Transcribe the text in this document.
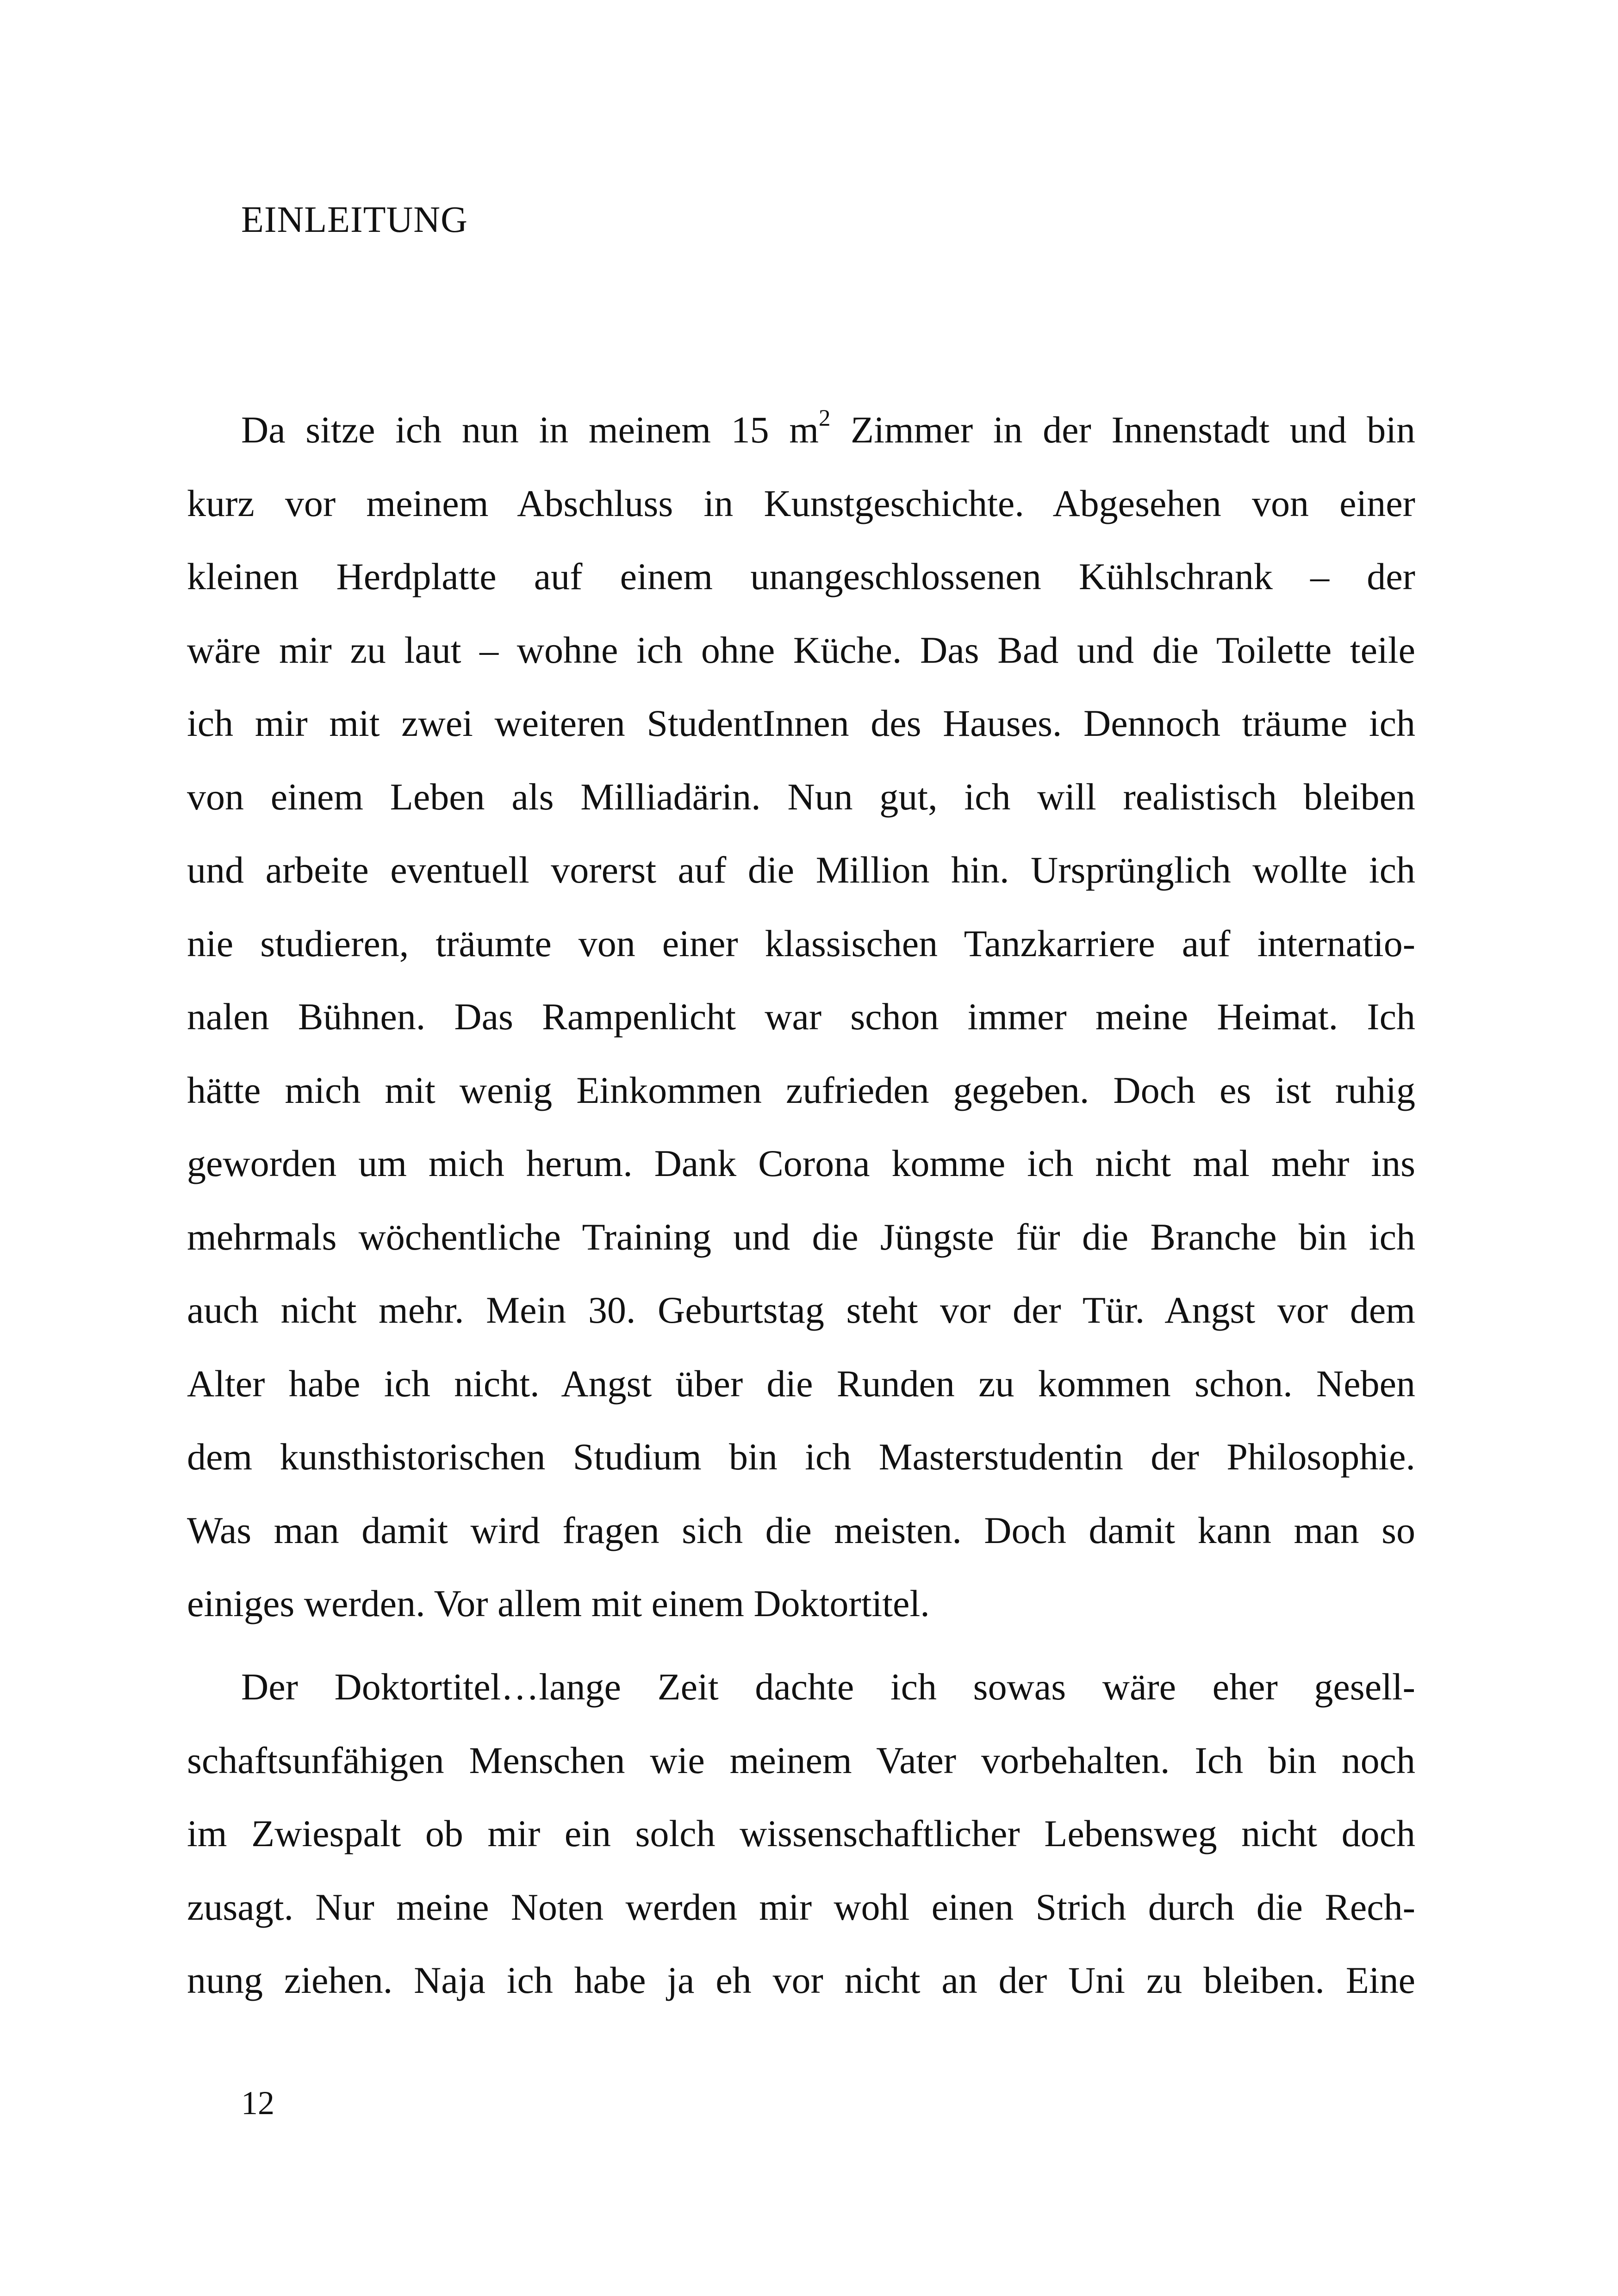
EINLEITUNG
Da sitze ich nun in meinem 15 $m^2$ Zimmer in der Innenstadt und bin
kurz vor meinem Abschluss in Kunstgeschichte. Abgesehen von einer
kleinen Herdplatte auf einem unangeschlossenen Kühlschrank – der
wäre mir zu laut – wohne ich ohne Küche. Das Bad und die Toilette teile
ich mir mit zwei weiteren StudentInnen des Hauses. Dennoch träume ich
von einem Leben als Milliadärin. Nun gut, ich will realistisch bleiben
und arbeite eventuell vorerst auf die Million hin. Ursprünglich wollte ich
nie studieren, träumte von einer klassischen Tanzkarriere auf internatio-
nalen Bühnen. Das Rampenlicht war schon immer meine Heimat. Ich
hätte mich mit wenig Einkommen zufrieden gegeben. Doch es ist ruhig
geworden um mich herum. Dank Corona komme ich nicht mal mehr ins
mehrmals wöchentliche Training und die Jüngste für die Branche bin ich
auch nicht mehr. Mein 30. Geburtstag steht vor der Tür. Angst vor dem
Alter habe ich nicht. Angst über die Runden zu kommen schon. Neben
dem kunsthistorischen Studium bin ich Masterstudentin der Philosophie.
Was man damit wird fragen sich die meisten. Doch damit kann man so
einiges werden. Vor allem mit einem Doktortitel.
Der Doktortitel…lange Zeit dachte ich sowas wäre eher gesell-
schaftsunfähigen Menschen wie meinem Vater vorbehalten. Ich bin noch
im Zwiespalt ob mir ein solch wissenschaftlicher Lebensweg nicht doch
zusagt. Nur meine Noten werden mir wohl einen Strich durch die Rech-
nung ziehen. Naja ich habe ja eh vor nicht an der Uni zu bleiben. Eine
12
